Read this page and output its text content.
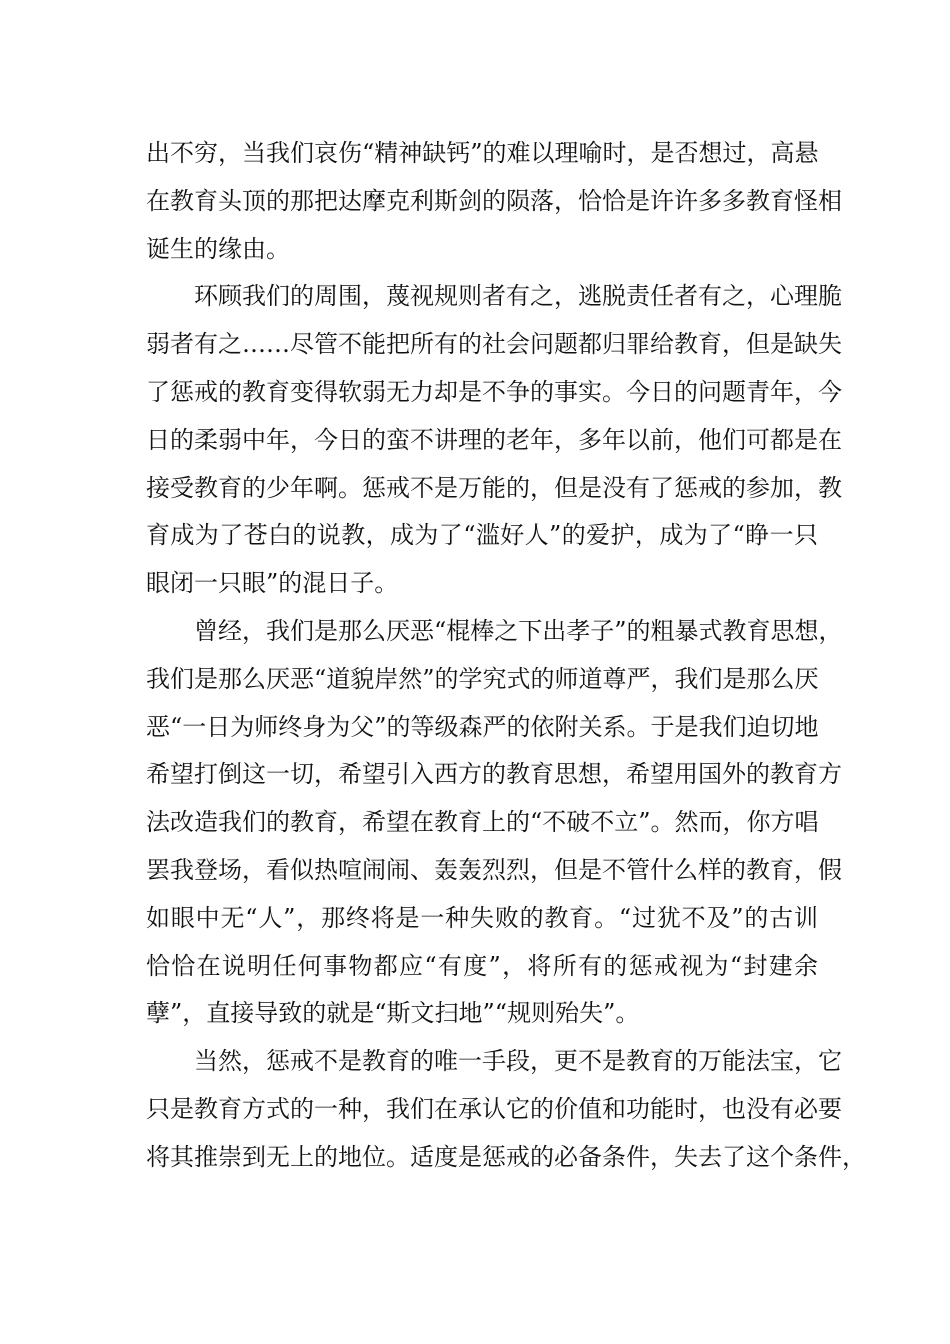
出不穷，当我们哀伤“精神缺钙”的难以理喻时，是否想过，高悬
在教育头顶的那把达摩克利斯剑的陨落，恰恰是许许多多教育怪相
诞生的缘由。
环顾我们的周围，蔑视规则者有之，逃脱责任者有之，心理脆
弱者有之……尽管不能把所有的社会问题都归罪给教育，但是缺失
了惩戒的教育变得软弱无力却是不争的事实。今日的问题青年，今
日的柔弱中年，今日的蛮不讲理的老年，多年以前，他们可都是在
接受教育的少年啊。惩戒不是万能的，但是没有了惩戒的参加，教
育成为了苍白的说教，成为了“滥好人”的爱护，成为了“睁一只
眼闭一只眼”的混日子。
曾经，我们是那么厌恶“棍棒之下出孝子”的粗暴式教育思想，
我们是那么厌恶“道貌岸然”的学究式的师道尊严，我们是那么厌
恶“一日为师终身为父”的等级森严的依附关系。于是我们迫切地
希望打倒这一切，希望引入西方的教育思想，希望用国外的教育方
法改造我们的教育，希望在教育上的“不破不立”。然而，你方唱
罢我登场，看似热喧闹闹、轰轰烈烈，但是不管什么样的教育，假
如眼中无“人”，那终将是一种失败的教育。“过犹不及”的古训
恰恰在说明任何事物都应“有度”，将所有的惩戒视为“封建余
孽”，直接导致的就是“斯文扫地”“规则殆失”。
当然，惩戒不是教育的唯一手段，更不是教育的万能法宝，它
只是教育方式的一种，我们在承认它的价值和功能时，也没有必要
将其推崇到无上的地位。适度是惩戒的必备条件，失去了这个条件，
